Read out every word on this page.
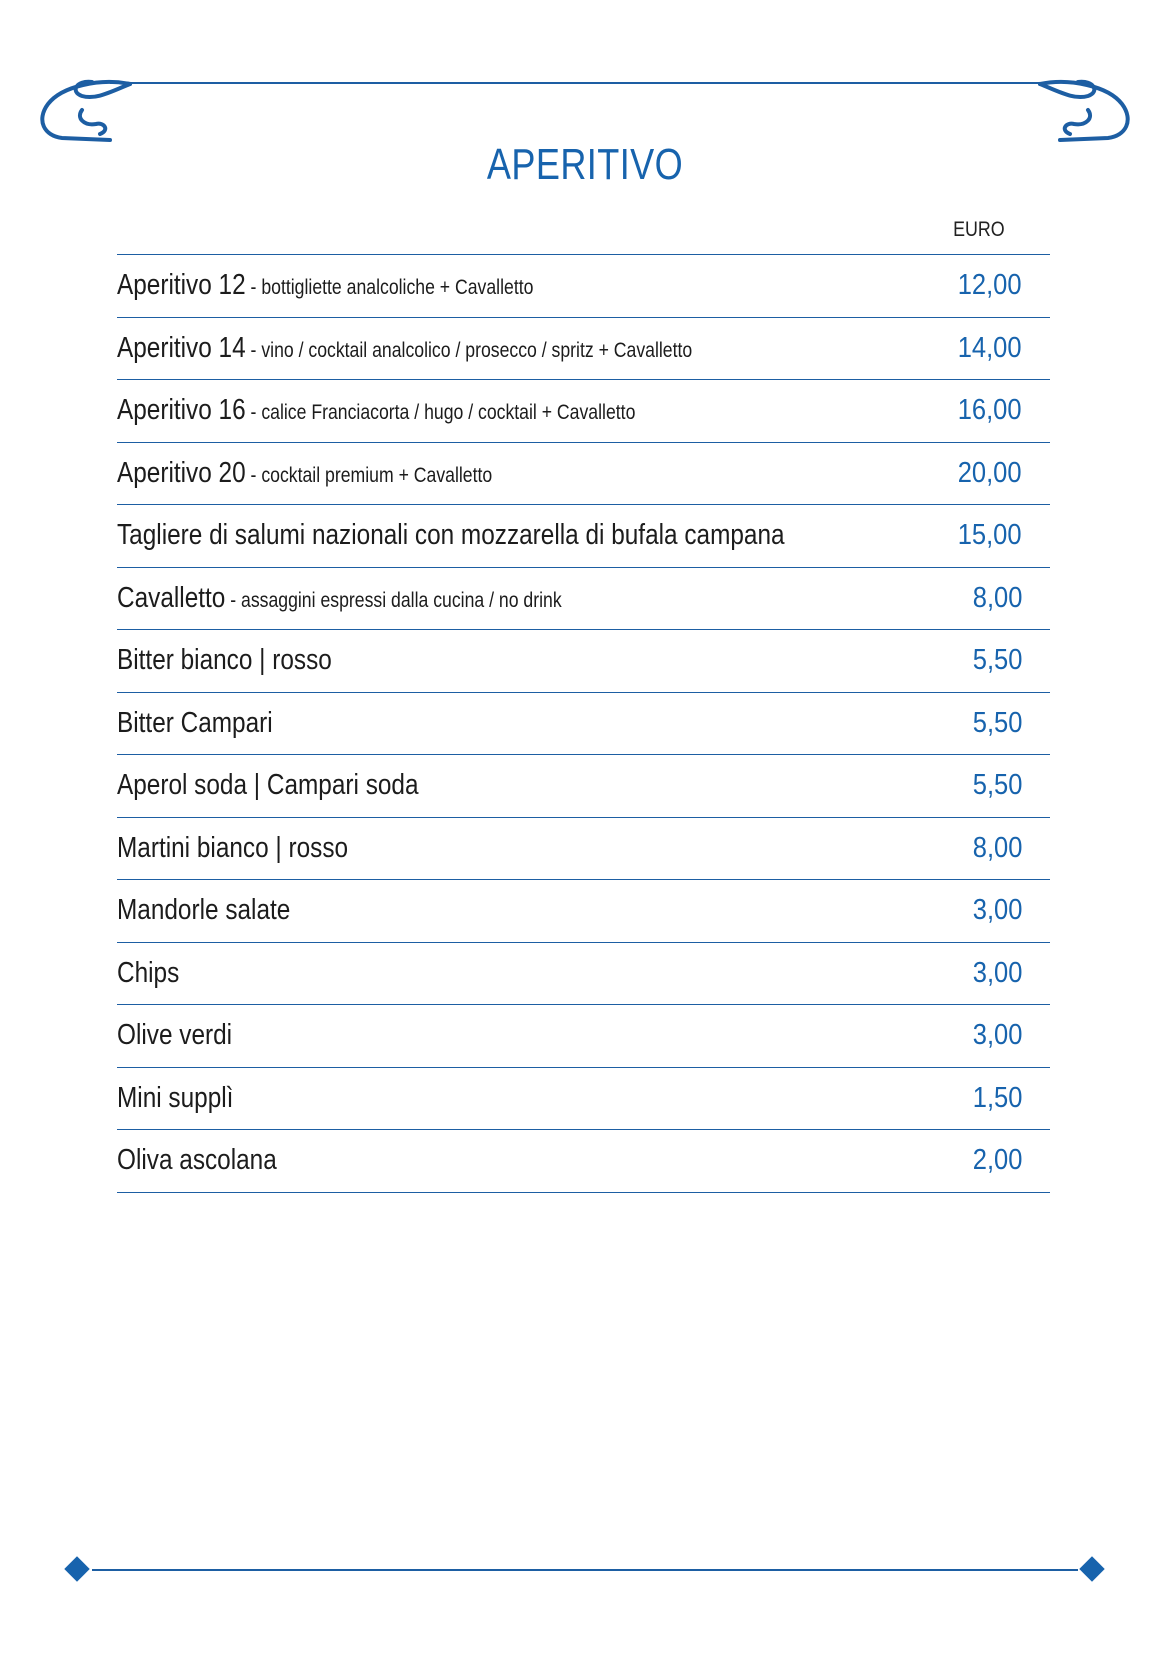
APERITIVO
EURO
Aperitivo 12 - bottigliette analcoliche + Cavalletto	12,00
Aperitivo 14 - vino / cocktail analcolico / prosecco / spritz + Cavalletto	14,00
Aperitivo 16 - calice Franciacorta / hugo / cocktail + Cavalletto	16,00
Aperitivo 20 - cocktail premium + Cavalletto	20,00
Tagliere di salumi nazionali con mozzarella di bufala campana	15,00
Cavalletto - assaggini espressi dalla cucina / no drink	8,00
Bitter bianco | rosso	5,50
Bitter Campari	5,50
Aperol soda | Campari soda	5,50
Martini bianco | rosso	8,00
Mandorle salate	3,00
Chips	3,00
Olive verdi	3,00
Mini supplì	1,50
Oliva ascolana	2,00
